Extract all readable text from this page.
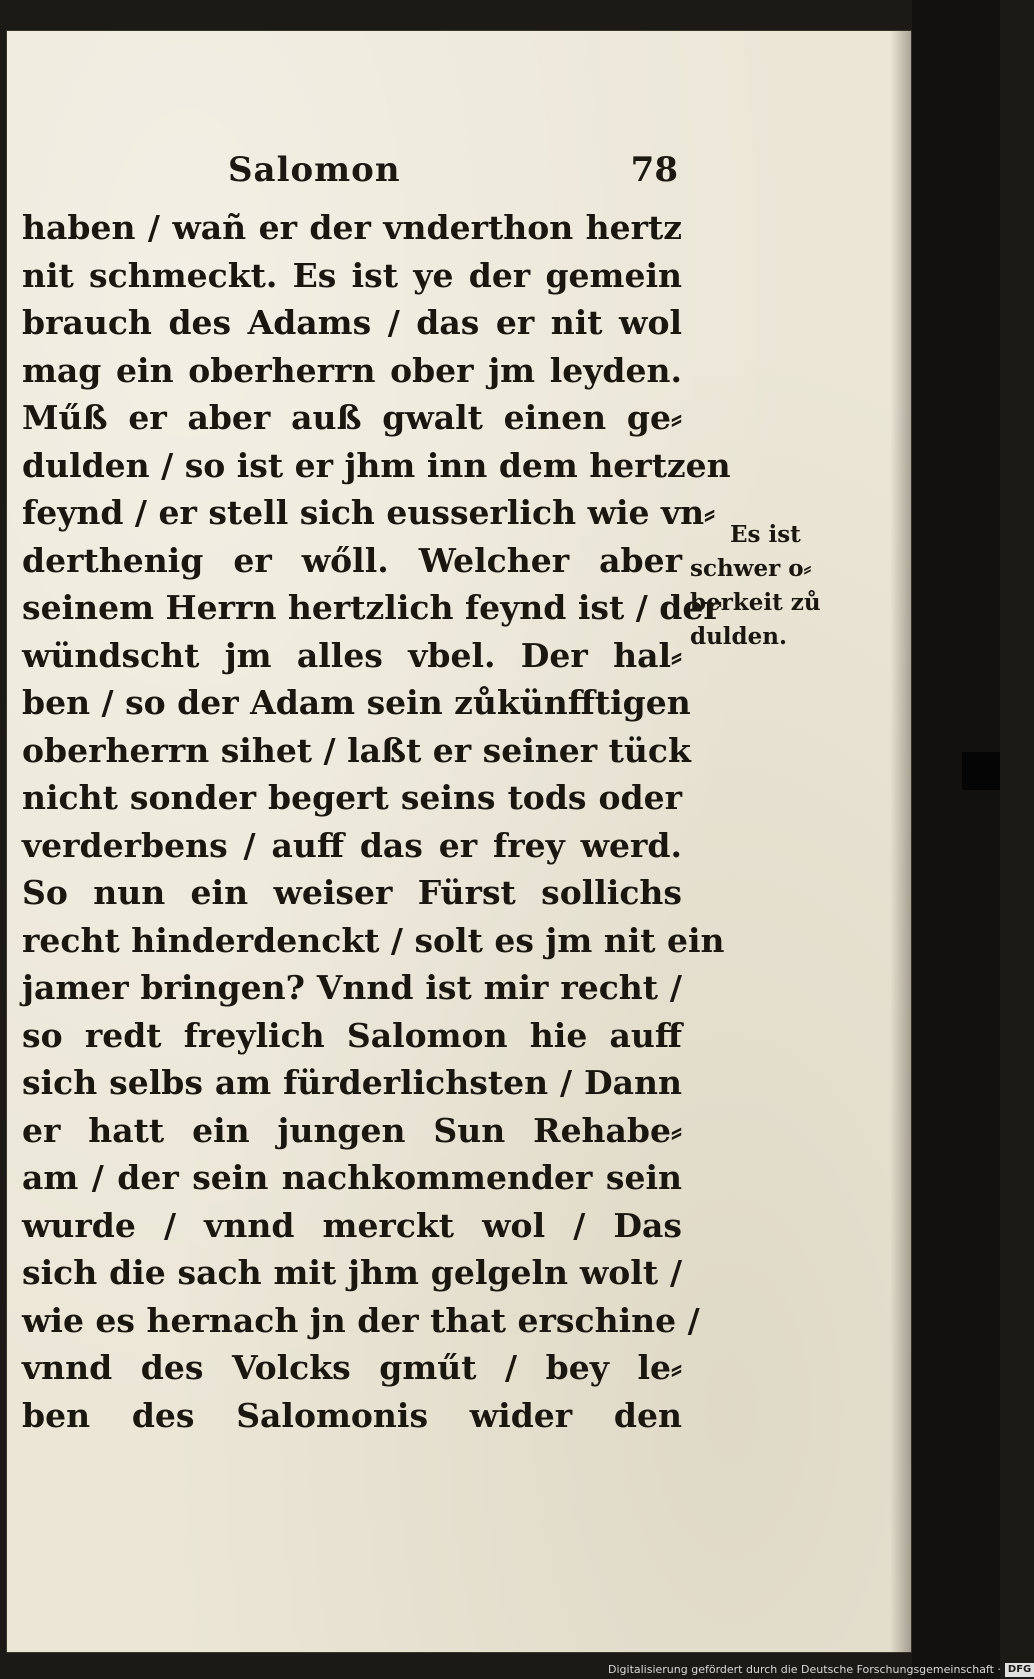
Salomon	78
haben / wañ er der vnderthon hertz
nit schmeckt. Es ist ye der gemein
brauch des Adams / das er nit wol
mag ein oberherrn ober jm leyden.
Műß er aber auß gwalt einen ge⸗
dulden / so ist er jhm inn dem hertzen
feynd / er stell sich eusserlich wie vn⸗
derthenig er wőll. Welcher aber
seinem Herrn hertzlich feynd ist / der
wündscht jm alles vbel. Der hal⸗
ben / so der Adam sein zůkünfftigen
oberherrn sihet / laßt er seiner tück
nicht sonder begert seins tods oder
verderbens / auff das er frey werd.
So nun ein weiser Fürst sollichs
recht hinderdenckt / solt es jm nit ein
jamer bringen? Vnnd ist mir recht /
so redt freylich Salomon hie auff
sich selbs am fürderlichsten / Dann
er hatt ein jungen Sun Rehabe⸗
am / der sein nachkommender sein
wurde / vnnd merckt wol / Das
sich die sach mit jhm gelgeln wolt /
wie es hernach jn der that erschine /
vnnd des Volcks gműt / bey le⸗
ben des Salomonis wider den
Es ist
schwer o⸗
berkeit zů
dulden.
Digitalisierung gefördert durch die Deutsche Forschungsgemeinschaft · DFG
